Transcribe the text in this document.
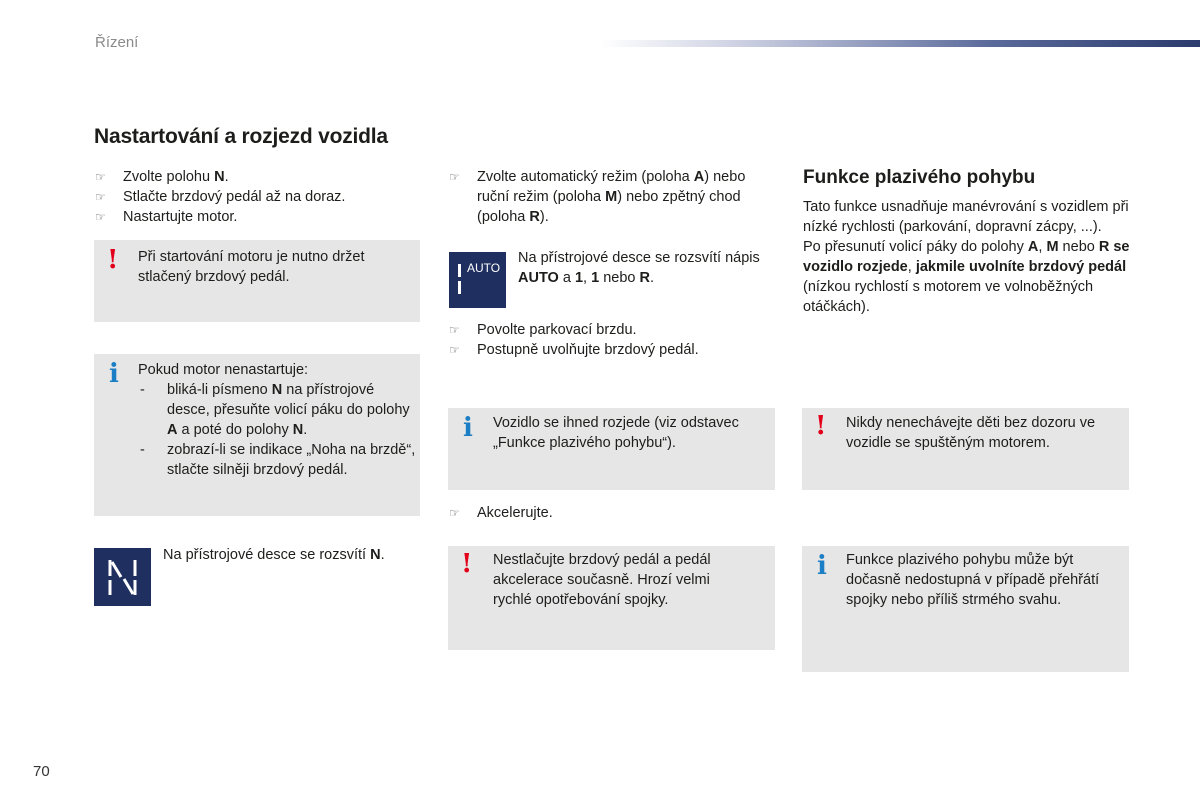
Řízení
Nastartování a rozjezd vozidla
☞	Zvolte polohu N.
☞	Stlačte brzdový pedál až na doraz.
☞	Nastartujte motor.
! Při startování motoru je nutno držet
stlačený brzdový pedál.
i Pokud motor nenastartuje:
- bliká-li písmeno N na přístrojové desce, přesuňte volicí páku do polohy A a poté do polohy N.
- zobrazí-li se indikace „Noha na brzdě“, stlačte silněji brzdový pedál.
Na přístrojové desce se rozsvítí N.
☞	Zvolte automatický režim (poloha A) nebo ruční režim (poloha M) nebo zpětný chod (poloha R).
AUTO
Na přístrojové desce se rozsvítí nápis AUTO a 1, 1 nebo R.
☞	Povolte parkovací brzdu.
☞	Postupně uvolňujte brzdový pedál.
i Vozidlo se ihned rozjede (viz odstavec
„Funkce plazivého pohybu“).
☞	Akcelerujte.
! Nestlačujte brzdový pedál a pedál
akcelerace současně. Hrozí velmi
rychlé opotřebování spojky.
Funkce plazivého pohybu

Tato funkce usnadňuje manévrování s vozidlem při nízké rychlosti (parkování, dopravní zácpy, ...).

Po přesunutí volicí páky do polohy A, M nebo R se vozidlo rozjede, jakmile uvolníte brzdový pedál (nízkou rychlostí s motorem ve volnoběžných otáčkách).

! Nikdy nenechávejte děti bez dozoru ve
vozidle se spuštěným motorem.
i Funkce plazivého pohybu může být
dočasně nedostupná v případě přehřátí
spojky nebo příliš strmého svahu.
70
